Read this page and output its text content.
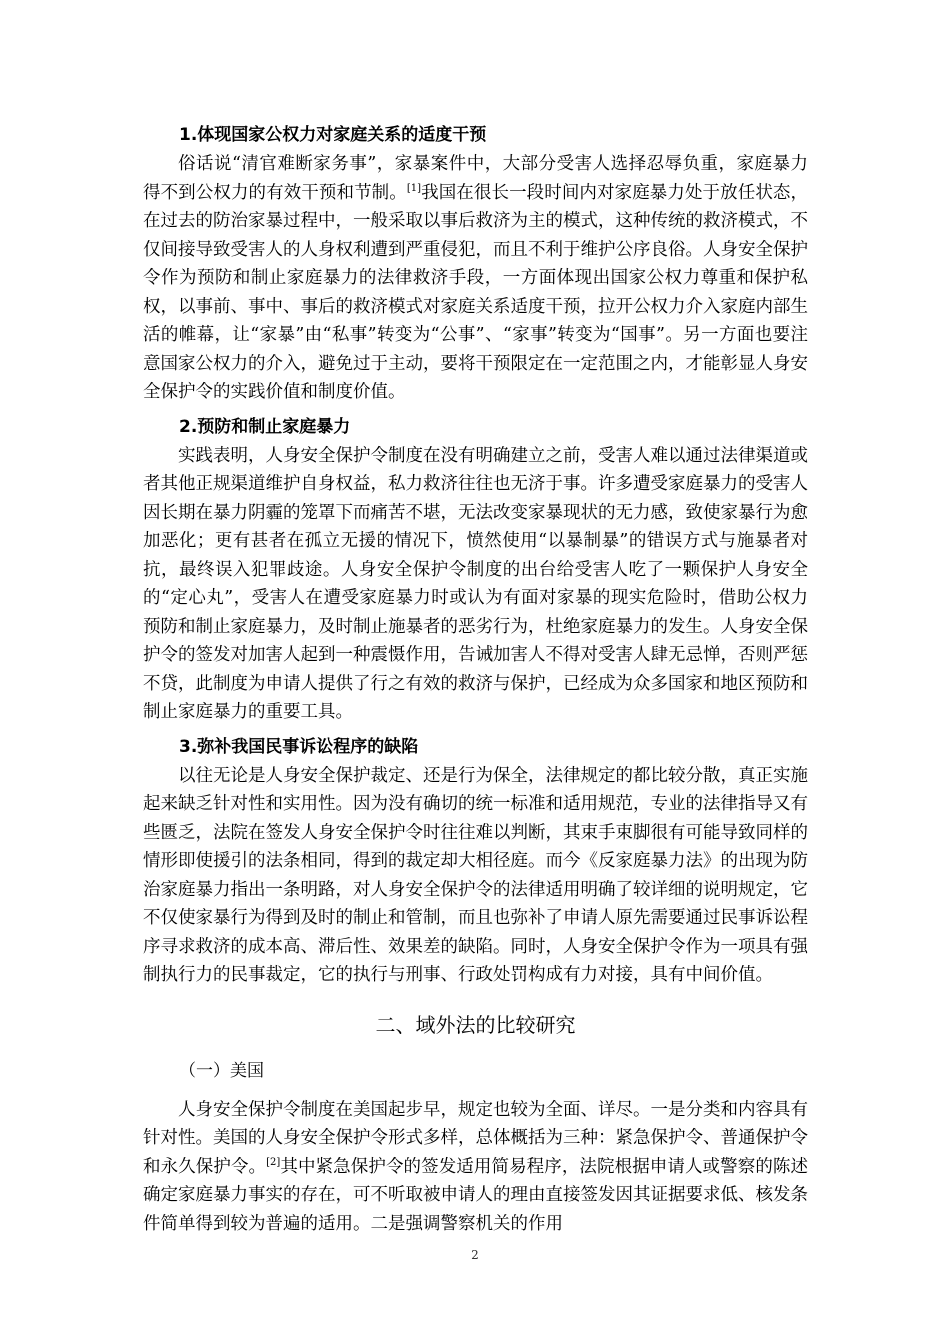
1.体现国家公权力对家庭关系的适度干预

俗话说“清官难断家务事”，家暴案件中，大部分受害人选择忍辱负重，家庭暴力得不到公权力的有效干预和节制。[1]我国在很长一段时间内对家庭暴力处于放任状态，在过去的防治家暴过程中，一般采取以事后救济为主的模式，这种传统的救济模式，不仅间接导致受害人的人身权利遭到严重侵犯，而且不利于维护公序良俗。人身安全保护令作为预防和制止家庭暴力的法律救济手段，一方面体现出国家公权力尊重和保护私权，以事前、事中、事后的救济模式对家庭关系适度干预，拉开公权力介入家庭内部生活的帷幕，让“家暴”由“私事”转变为“公事”、“家事”转变为“国事”。另一方面也要注意国家公权力的介入，避免过于主动，要将干预限定在一定范围之内，才能彰显人身安全保护令的实践价值和制度价值。

2.预防和制止家庭暴力

实践表明，人身安全保护令制度在没有明确建立之前，受害人难以通过法律渠道或者其他正规渠道维护自身权益，私力救济往往也无济于事。许多遭受家庭暴力的受害人因长期在暴力阴霾的笼罩下而痛苦不堪，无法改变家暴现状的无力感，致使家暴行为愈加恶化；更有甚者在孤立无援的情况下，愤然使用“以暴制暴”的错误方式与施暴者对抗，最终误入犯罪歧途。人身安全保护令制度的出台给受害人吃了一颗保护人身安全的“定心丸”，受害人在遭受家庭暴力时或认为有面对家暴的现实危险时，借助公权力预防和制止家庭暴力，及时制止施暴者的恶劣行为，杜绝家庭暴力的发生。人身安全保护令的签发对加害人起到一种震慑作用，告诫加害人不得对受害人肆无忌惮，否则严惩不贷，此制度为申请人提供了行之有效的救济与保护，已经成为众多国家和地区预防和制止家庭暴力的重要工具。

3.弥补我国民事诉讼程序的缺陷

以往无论是人身安全保护裁定、还是行为保全，法律规定的都比较分散，真正实施起来缺乏针对性和实用性。因为没有确切的统一标准和适用规范，专业的法律指导又有些匮乏，法院在签发人身安全保护令时往往难以判断，其束手束脚很有可能导致同样的情形即使援引的法条相同，得到的裁定却大相径庭。而今《反家庭暴力法》的出现为防治家庭暴力指出一条明路，对人身安全保护令的法律适用明确了较详细的说明规定，它不仅使家暴行为得到及时的制止和管制，而且也弥补了申请人原先需要通过民事诉讼程序寻求救济的成本高、滞后性、效果差的缺陷。同时，人身安全保护令作为一项具有强制执行力的民事裁定，它的执行与刑事、行政处罚构成有力对接，具有中间价值。

二、域外法的比较研究
（一）美国

人身安全保护令制度在美国起步早，规定也较为全面、详尽。一是分类和内容具有针对性。美国的人身安全保护令形式多样，总体概括为三种：紧急保护令、普通保护令和永久保护令。[2]其中紧急保护令的签发适用简易程序，法院根据申请人或警察的陈述确定家庭暴力事实的存在，可不听取被申请人的理由直接签发因其证据要求低、核发条件简单得到较为普遍的适用。二是强调警察机关的作用

2
